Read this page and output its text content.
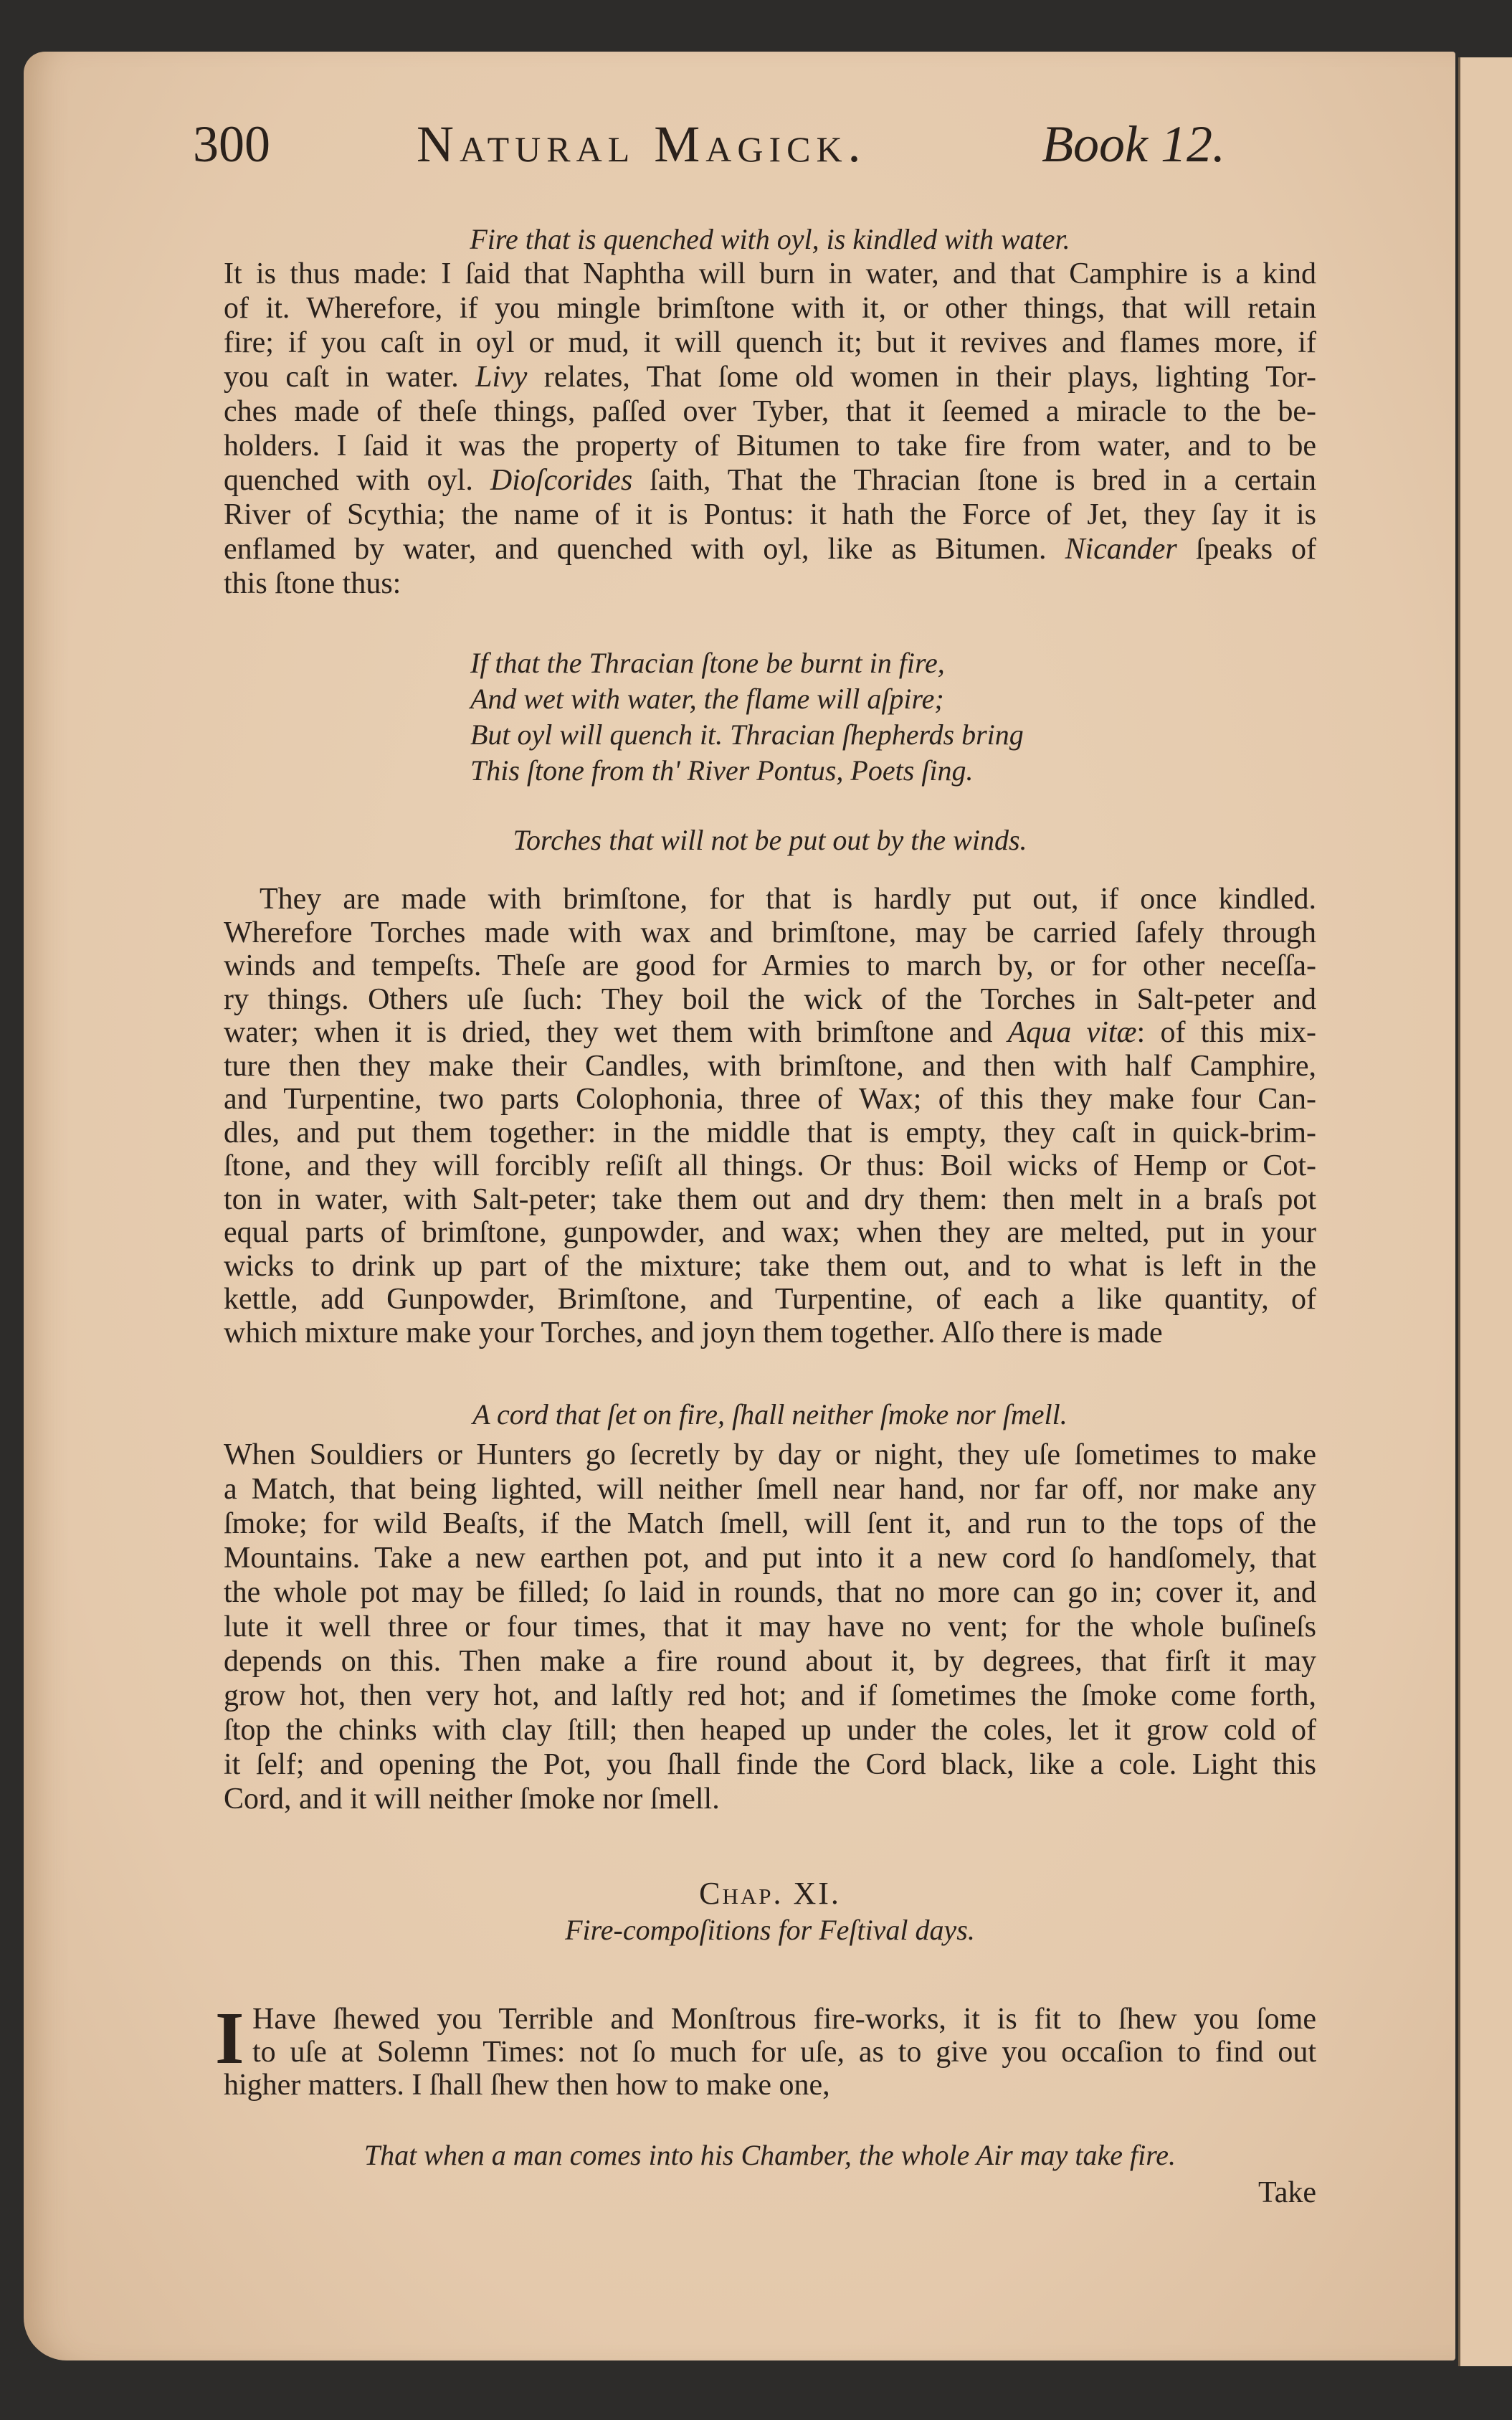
300	Natural Magick.	Book 12.
Fire that is quenched with oyl, is kindled with water.
It is thus made: I ſaid that Naphtha will burn in water, and that Camphire is a kind
of it. Wherefore, if you mingle brimſtone with it, or other things, that will retain
fire; if you caſt in oyl or mud, it will quench it; but it revives and flames more, if
you caſt in water. Livy relates, That ſome old women in their plays, lighting Tor-
ches made of theſe things, paſſed over Tyber, that it ſeemed a miracle to the be-
holders. I ſaid it was the property of Bitumen to take fire from water, and to be
quenched with oyl. Dioſcorides ſaith, That the Thracian ſtone is bred in a certain
River of Scythia; the name of it is Pontus: it hath the Force of Jet, they ſay it is
enflamed by water, and quenched with oyl, like as Bitumen. Nicander ſpeaks of
this ſtone thus:
If that the Thracian ſtone be burnt in fire,
And wet with water, the flame will aſpire;
But oyl will quench it. Thracian ſhepherds bring
This ſtone from th' River Pontus, Poets ſing.
Torches that will not be put out by the winds.
They are made with brimſtone, for that is hardly put out, if once kindled.
Wherefore Torches made with wax and brimſtone, may be carried ſafely through
winds and tempeſts. Theſe are good for Armies to march by, or for other neceſſa-
ry things. Others uſe ſuch: They boil the wick of the Torches in Salt-peter and
water; when it is dried, they wet them with brimſtone and Aqua vitæ: of this mix-
ture then they make their Candles, with brimſtone, and then with half Camphire,
and Turpentine, two parts Colophonia, three of Wax; of this they make four Can-
dles, and put them together: in the middle that is empty, they caſt in quick-brim-
ſtone, and they will forcibly reſiſt all things. Or thus: Boil wicks of Hemp or Cot-
ton in water, with Salt-peter; take them out and dry them: then melt in a braſs pot
equal parts of brimſtone, gunpowder, and wax; when they are melted, put in your
wicks to drink up part of the mixture; take them out, and to what is left in the
kettle, add Gunpowder, Brimſtone, and Turpentine, of each a like quantity, of
which mixture make your Torches, and joyn them together. Alſo there is made
A cord that ſet on fire, ſhall neither ſmoke nor ſmell.
When Souldiers or Hunters go ſecretly by day or night, they uſe ſometimes to make
a Match, that being lighted, will neither ſmell near hand, nor far off, nor make any
ſmoke; for wild Beaſts, if the Match ſmell, will ſent it, and run to the tops of the
Mountains. Take a new earthen pot, and put into it a new cord ſo handſomely, that
the whole pot may be filled; ſo laid in rounds, that no more can go in; cover it, and
lute it well three or four times, that it may have no vent; for the whole buſineſs
depends on this. Then make a fire round about it, by degrees, that firſt it may
grow hot, then very hot, and laſtly red hot; and if ſometimes the ſmoke come forth,
ſtop the chinks with clay ſtill; then heaped up under the coles, let it grow cold of
it ſelf; and opening the Pot, you ſhall finde the Cord black, like a cole. Light this
Cord, and it will neither ſmoke nor ſmell.
Chap. XI.
Fire-compoſitions for Feſtival days.
I Have ſhewed you Terrible and Monſtrous fire-works, it is fit to ſhew you ſome
to uſe at Solemn Times: not ſo much for uſe, as to give you occaſion to find out
higher matters. I ſhall ſhew then how to make one,
That when a man comes into his Chamber, the whole Air may take fire.
Take
